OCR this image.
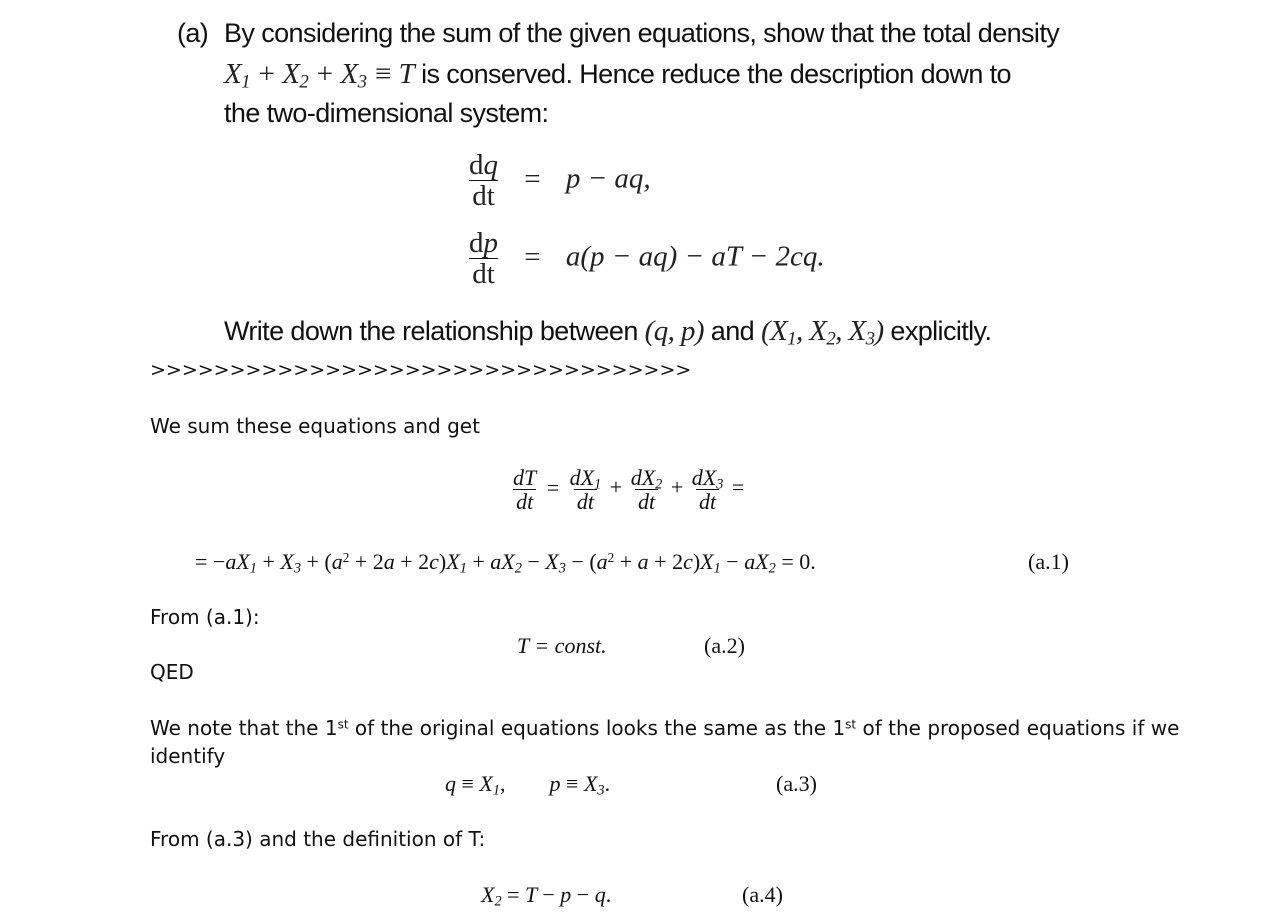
(a) By considering the sum of the given equations, show that the total density
$X_1 + X_2 + X_3 \equiv T$ is conserved. Hence reduce the description down to
the two-dimensional system:
$\frac{dq}{dt} = p$ − aq,
$\frac{dp}{dt} = a(p - aq)$ − aT − 2cq.
Write down the relationship between (q, p) and ($X_1$, $X_2$, $X_3$) explicitly.
>>>>>>>>>>>>>>>>>>>>>>>>>>>>>>>>>>
We sum these equations and get
$\frac{dT}{dt} = \frac{dX_1}{dt} + \frac{dX_2}{dt} + \frac{dX_3}{dt}$ =
= $-aX_1 + X_3 + (a^2 + 2a + 2c)X_1 + aX_2 - X_3 - (a^2 + a + 2c)X_1 - aX_2 = 0$.	(a.1)
From (a.1):
T = const.	(a.2)
QED
We note that the 1st of the original equations looks the same as the 1st of the proposed equations if we
identify
$q \equiv X_1$, $p \equiv X_3$.	(a.3)
From (a.3) and the definition of T:
$X_2 = T - p - q$.	(a.4)
